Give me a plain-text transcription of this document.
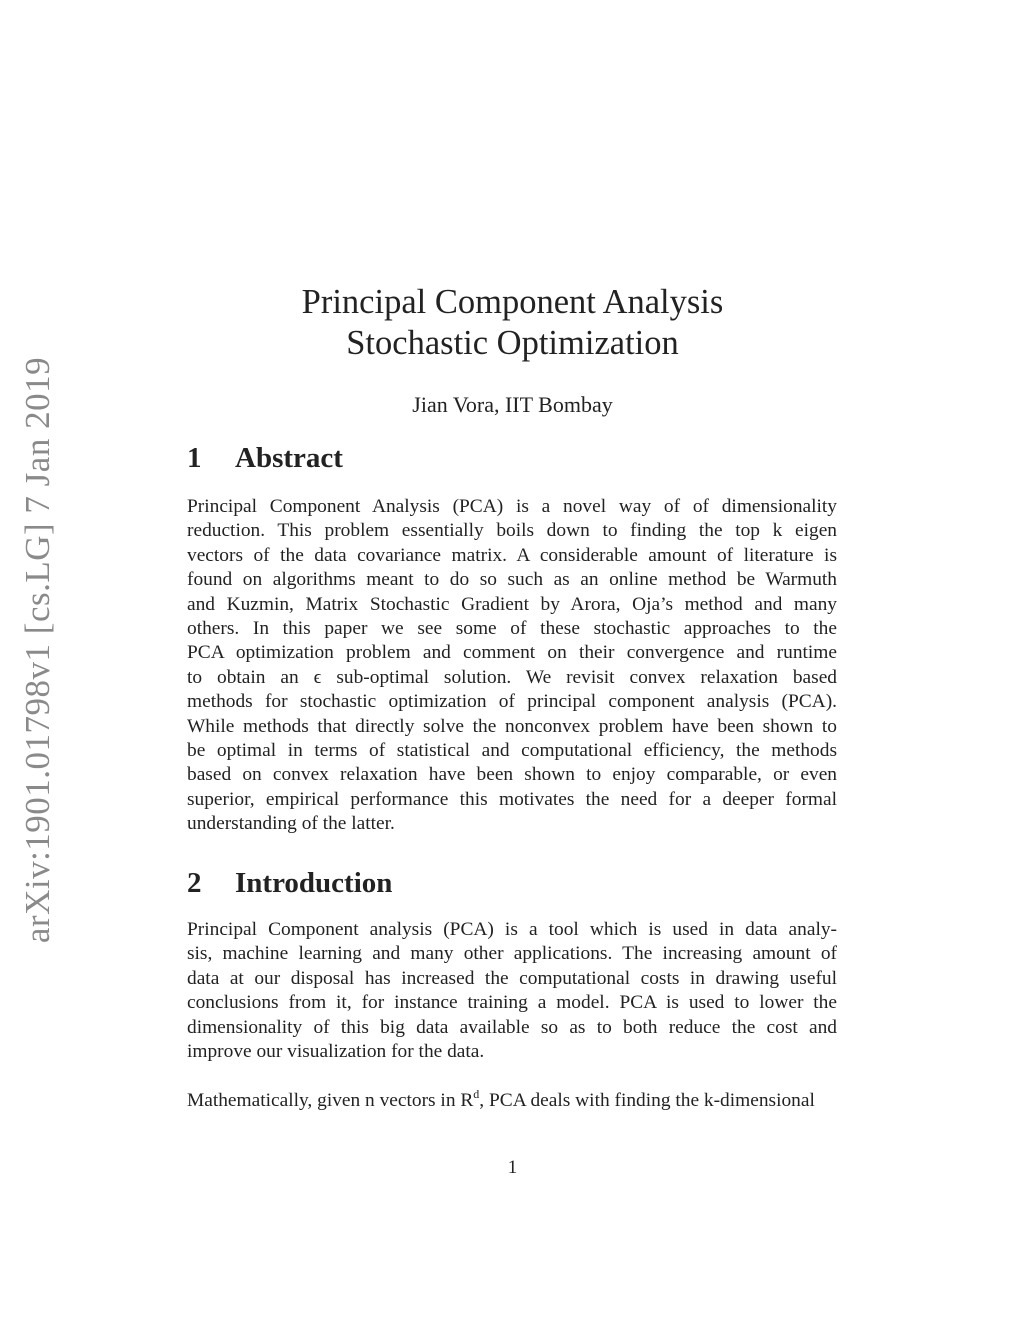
arXiv:1901.01798v1 [cs.LG] 7 Jan 2019
Principal Component Analysis
Stochastic Optimization
Jian Vora, IIT Bombay
1 Abstract
Principal Component Analysis (PCA) is a novel way of of dimensionality
reduction. This problem essentially boils down to finding the top k eigen
vectors of the data covariance matrix. A considerable amount of literature is
found on algorithms meant to do so such as an online method be Warmuth
and Kuzmin, Matrix Stochastic Gradient by Arora, Oja’s method and many
others. In this paper we see some of these stochastic approaches to the
PCA optimization problem and comment on their convergence and runtime
to obtain an ϵ sub-optimal solution. We revisit convex relaxation based
methods for stochastic optimization of principal component analysis (PCA).
While methods that directly solve the nonconvex problem have been shown to
be optimal in terms of statistical and computational efficiency, the methods
based on convex relaxation have been shown to enjoy comparable, or even
superior, empirical performance this motivates the need for a deeper formal
understanding of the latter.
2 Introduction
Principal Component analysis (PCA) is a tool which is used in data analy-
sis, machine learning and many other applications. The increasing amount of
data at our disposal has increased the computational costs in drawing useful
conclusions from it, for instance training a model. PCA is used to lower the
dimensionality of this big data available so as to both reduce the cost and
improve our visualization for the data.
Mathematically, given n vectors in $R^d$, PCA deals with finding the k-dimensional
1
